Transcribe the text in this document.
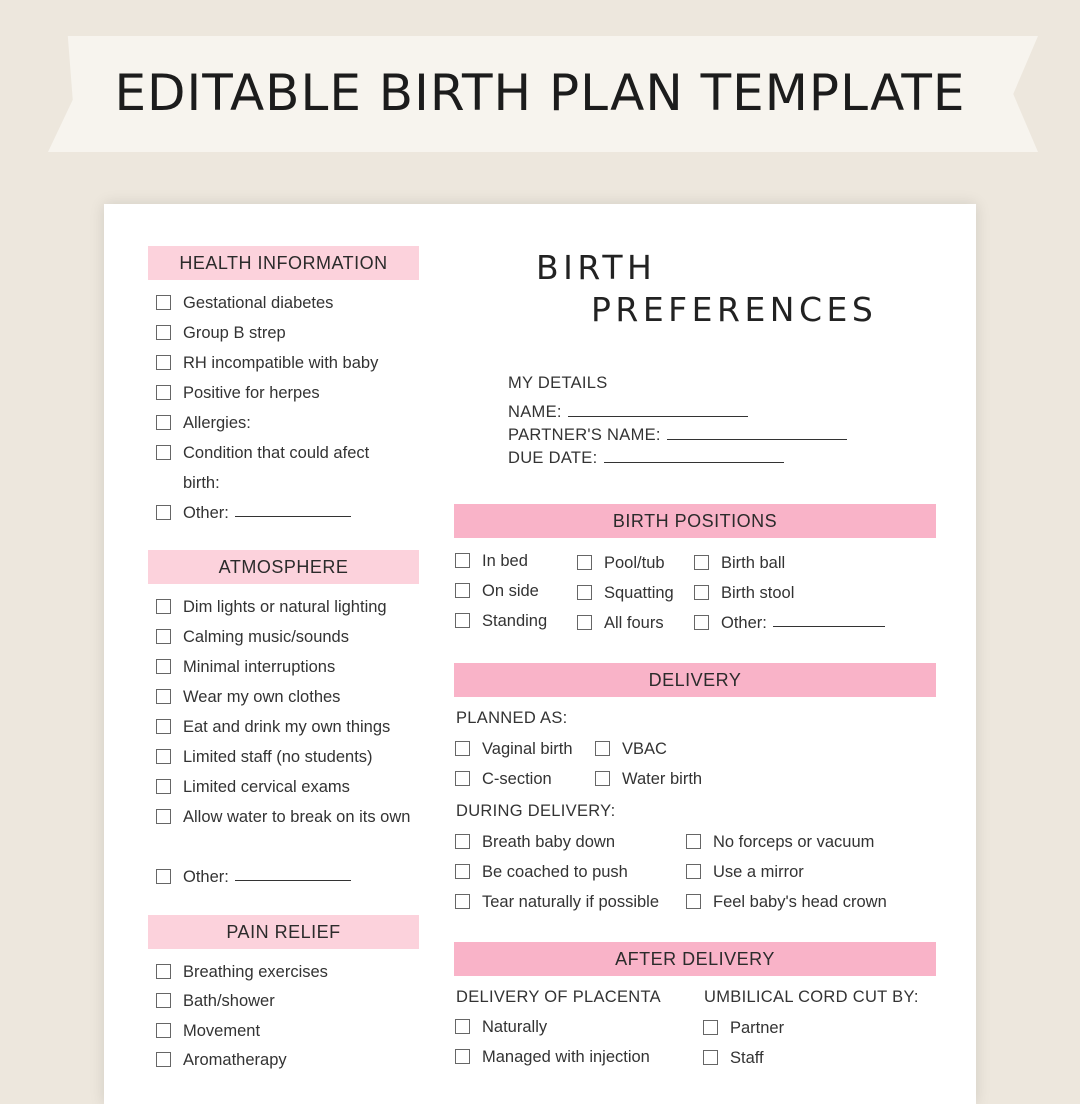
EDITABLE BIRTH PLAN TEMPLATE
HEALTH INFORMATION
Gestational diabetes
Group B strep
RH incompatible with baby
Positive for herpes
Allergies:
Condition that could afect birth:
Other:
ATMOSPHERE
Dim lights or natural lighting
Calming music/sounds
Minimal interruptions
Wear my own clothes
Eat and drink my own things
Limited staff (no students)
Limited cervical exams
Allow water to break on its own
Other:
PAIN RELIEF
Breathing exercises
Bath/shower
Movement
Aromatherapy
BIRTH
PREFERENCES
MY DETAILS
NAME:
PARTNER'S NAME:
DUE DATE:
BIRTH POSITIONS
In bed
On side
Standing
Pool/tub
Squatting
All fours
Birth ball
Birth stool
Other:
DELIVERY
PLANNED AS:
Vaginal birth
C-section
VBAC
Water birth
DURING DELIVERY:
Breath baby down
Be coached to push
Tear naturally if possible
No forceps or vacuum
Use a mirror
Feel baby's head crown
AFTER DELIVERY
DELIVERY OF PLACENTA
Naturally
Managed with injection
UMBILICAL CORD CUT BY:
Partner
Staff
